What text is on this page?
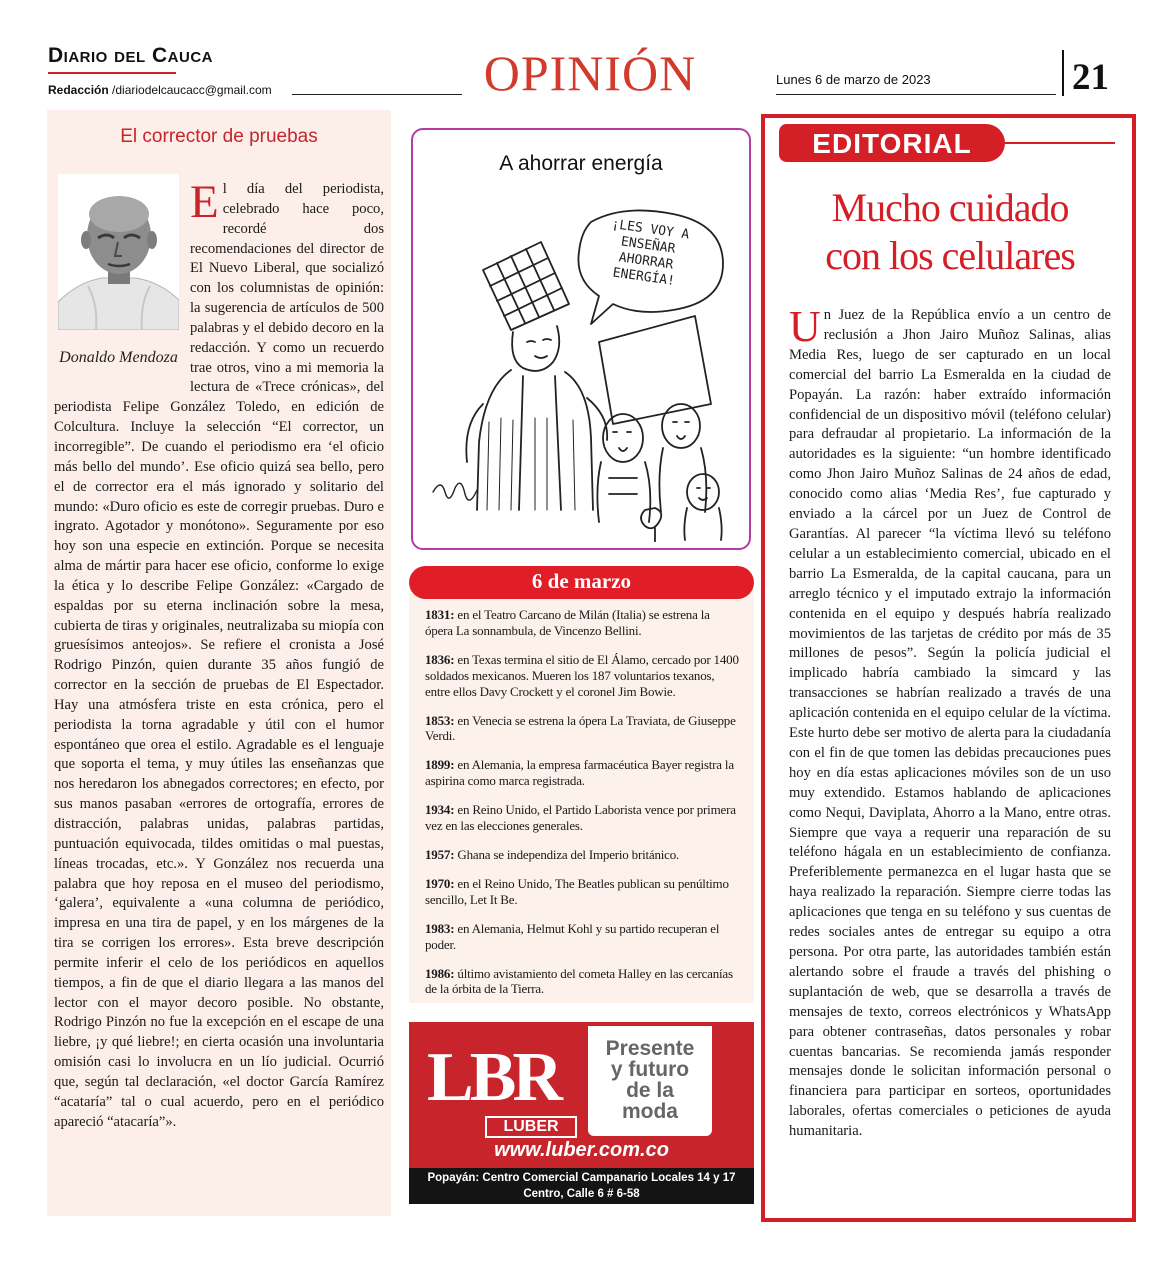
Diario del Cauca
Redacción /diariodelcaucacc@gmail.com	OPINIÓN	Lunes 6 de marzo de 2023	21
El corrector de pruebas
Donaldo Mendoza
E l día del periodista, celebrado hace poco, recordé dos recomendaciones del director de El Nuevo Liberal, que socializó con los columnistas de opinión: la sugerencia de artículos de 500 palabras y el debido decoro en la redacción. Y como un recuerdo trae otros, vino a mi memoria la lectura de «Trece crónicas», del periodista Felipe González Toledo, en edición de Colcultura. Incluye la selección “El corrector, un incorregible”. De cuando el periodismo era ‘el oficio más bello del mundo’. Ese oficio quizá sea bello, pero el de corrector era el más ignorado y solitario del mundo: «Duro oficio es este de corregir pruebas. Duro e ingrato. Agotador y monótono». Seguramente por eso hoy son una especie en extinción. Porque se necesita alma de mártir para hacer ese oficio, conforme lo exige la ética y lo describe Felipe González: «Cargado de espaldas por su eterna inclinación sobre la mesa, cubierta de tiras y originales, neutralizaba su miopía con gruesísimos anteojos». Se refiere el cronista a José Rodrigo Pinzón, quien durante 35 años fungió de corrector en la sección de pruebas de El Espectador. Hay una atmósfera triste en esta crónica, pero el periodista la torna agradable y útil con el humor espontáneo que orea el estilo. Agradable es el lenguaje que soporta el tema, y muy útiles las enseñanzas que nos heredaron los abnegados correctores; en efecto, por sus manos pasaban «errores de ortografía, errores de distracción, palabras unidas, palabras partidas, puntuación equivocada, tildes omitidas o mal puestas, líneas trocadas, etc.». Y González nos recuerda una palabra que hoy reposa en el museo del periodismo, ‘galera’, equivalente a «una columna de periódico, impresa en una tira de papel, y en los márgenes de la tira se corrigen los errores». Esta breve descripción permite inferir el celo de los periódicos en aquellos tiempos, a fin de que el diario llegara a las manos del lector con el mayor decoro posible. No obstante, Rodrigo Pinzón no fue la excepción en el escape de una liebre, ¡y qué liebre!; en cierta ocasión una involuntaria omisión casi lo involucra en un lío judicial. Ocurrió que, según tal declaración, «el doctor García Ramírez “acataría” tal o cual acuerdo, pero en el periódico apareció “atacaría”».
A ahorrar energía
¡LES VOY A
ENSEÑAR
AHORRAR
ENERGÍA!
1831: en el Teatro Carcano de Milán (Italia) se estrena la ópera La sonnambula, de Vincenzo Bellini.
1836: en Texas termina el sitio de El Álamo, cercado por 1400 soldados mexicanos. Mueren los 187 voluntarios texanos, entre ellos Davy Crockett y el coronel Jim Bowie.
1853: en Venecia se estrena la ópera La Traviata, de Giuseppe Verdi.
1899: en Alemania, la empresa farmacéutica Bayer registra la aspirina como marca registrada.
1934: en Reino Unido, el Partido Laborista vence por primera vez en las elecciones generales.
1957: Ghana se independiza del Imperio británico.
1970: en el Reino Unido, The Beatles publican su penúltimo sencillo, Let It Be.
1983: en Alemania, Helmut Kohl y su partido recuperan el poder.
1986: último avistamiento del cometa Halley en las cercanías de la órbita de la Tierra.
6 de marzo
LBR
LUBER
Presente
y futuro
de la
moda
www.luber.com.co
Popayán: Centro Comercial Campanario Locales 14 y 17
Centro, Calle 6 # 6-58
EDITORIAL
Mucho cuidado
con los celulares
U n Juez de la República envío a un centro de reclusión a Jhon Jairo Muñoz Salinas, alias Media Res, luego de ser capturado en un local comercial del barrio La Esmeralda en la ciudad de Popayán. La razón: haber extraído información confidencial de un dispositivo móvil (teléfono celular) para defraudar al propietario. La información de la autoridades es la siguiente: “un hombre identificado como Jhon Jairo Muñoz Salinas de 24 años de edad, conocido como alias ‘Media Res’, fue capturado y enviado a la cárcel por un Juez de Control de Garantías. Al parecer “la víctima llevó su teléfono celular a un establecimiento comercial, ubicado en el barrio La Esmeralda, de la capital caucana, para un arreglo técnico y el imputado extrajo la información contenida en el equipo y después habría realizado movimientos de las tarjetas de crédito por más de 35 millones de pesos”. Según la policía judicial el implicado habría cambiado la simcard y las transacciones se habrían realizado a través de una aplicación contenida en el equipo celular de la víctima. Este hurto debe ser motivo de alerta para la ciudadanía con el fin de que tomen las debidas precauciones pues hoy en día estas aplicaciones móviles son de un uso muy extendido. Estamos hablando de aplicaciones como Nequi, Daviplata, Ahorro a la Mano, entre otras. Siempre que vaya a requerir una reparación de su teléfono hágala en un establecimiento de confianza. Preferiblemente permanezca en el lugar hasta que se haya realizado la reparación. Siempre cierre todas las aplicaciones que tenga en su teléfono y sus cuentas de redes sociales antes de entregar su equipo a otra persona. Por otra parte, las autoridades también están alertando sobre el fraude a través del phishing o suplantación de web, que se desarrolla a través de mensajes de texto, correos electrónicos y WhatsApp para obtener contraseñas, datos personales y robar cuentas bancarias. Se recomienda jamás responder mensajes donde le solicitan información personal o financiera para participar en sorteos, oportunidades laborales, ofertas comerciales o peticiones de ayuda humanitaria.
